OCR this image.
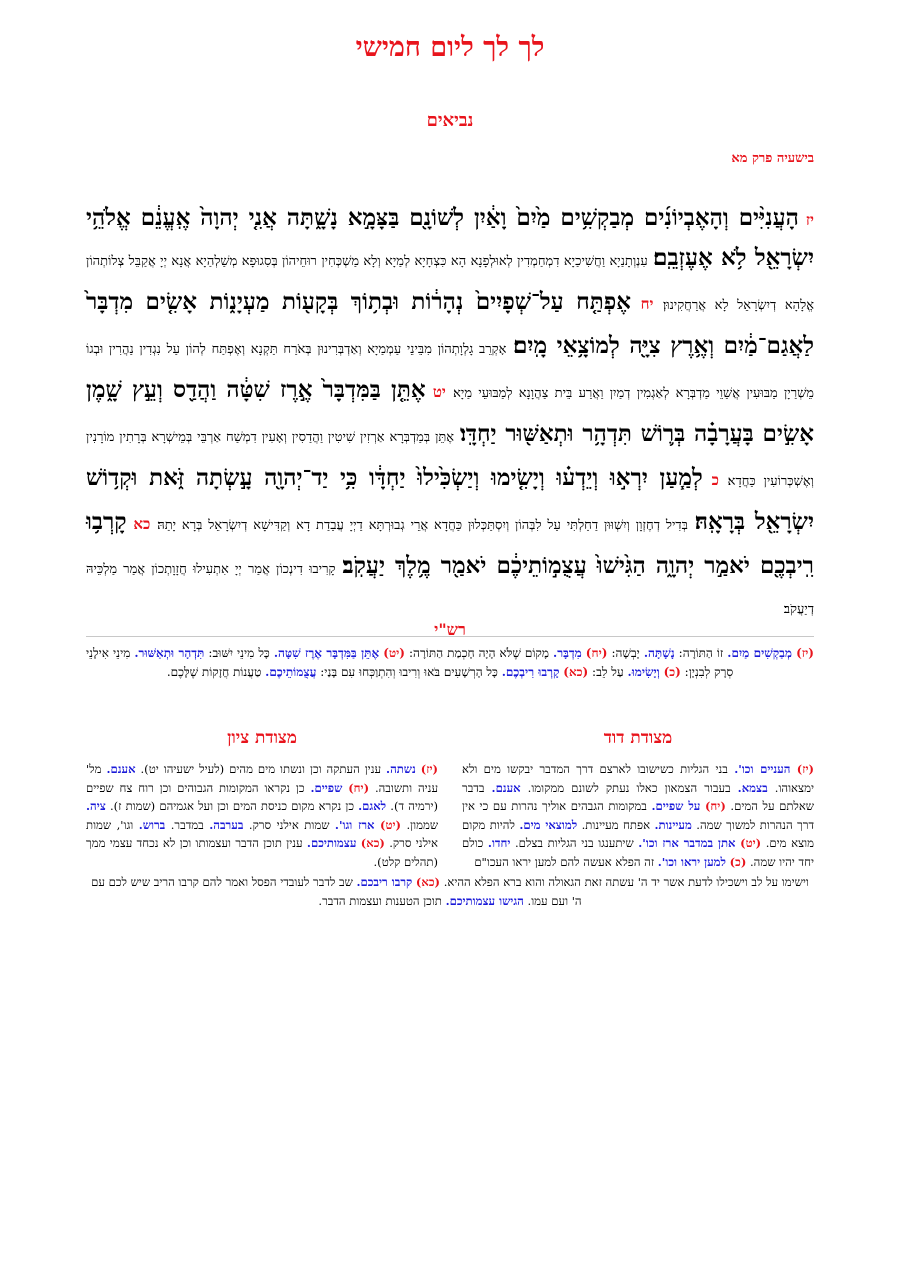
לך לך ליום חמישי
נביאים
בישעיה פרק מא
יז הָעֲנִיִּ֨ים וְהָאֶבְיוֹנִ֜ים מְבַקְשִׁ֥ים מַ֙יִם֙ וָאַ֔יִן לְשׁוֹנָ֖ם בַּצָּמָ֣א נָשָׁ֑תָּה אֲנִ֤י יְהוָה֙ אֶֽעֱנֵ֔ם אֱלֹהֵ֥י יִשְׂרָאֵ֖ל לֹ֥א אֶעֶזְבֵֽם׃ עִנְוְתָנַיָא וַחֲשִׁיכַיָא דִמְחַמְדִין לְאוּלְפָנָא הָא כִּצְחָיָא לְמַיָא וְלָא מַשְׁכְּחִין רוּחֵיהוֹן בְּסִגוּפָא מְשַׁלְהַיָא אֲנָא יְיָ אֲקַבֵּל צְלוֹתְהוֹן אֱלָהָא דְיִשְׂרָאֵל לָא אֲרַחֲקִינוּן׃ יח אֶפְתַּ֤ח עַל־שְׁפָיִים֙ נְהָר֔וֹת וּבְת֥וֹךְ בְּקָע֖וֹת מַעְיָנ֑וֹת אָשִׂ֤ים מִדְבָּר֙ לַאֲגַם־מַ֔יִם וְאֶ֥רֶץ צִיָּ֖ה לְמוֹצָ֥אֵי מָֽיִם׃ אָקְרֵב גָלְוָתְהוֹן מִבֵּינֵי עַמְמַיָא וְאַדְבְּרִינוּן בְּאֹרַח תַּקְנָא וְאֶפְתַּח לְהוֹן עַל נִגְדִין נַהֲרִין וּבְגוֹ מֵשְׁרַיָן מַבּוּעִין אֲשַׁוֵי מַדְבְּרָא לְאַגְמִין דְמַיִן וַאֲרַע בֵּית צַהֲוָנָא לְמַבּוּעֵי מַיָא׃ יט אֶתֵּ֤ן בַּמִּדְבָּר֙ אֶ֣רֶז שִׁטָּ֔ה וַהֲדַ֖ס וְעֵ֣ץ שָׁ֑מֶן אָשִׂ֣ים בָּעֲרָבָ֗ה בְּר֛וֹשׁ תִּדְהָ֥ר וּתְאַשּׁ֖וּר יַחְדָּֽו׃ אֶתֵּן בְּמַדְבְּרָא אַרְזִין שִׁיטִין וַהֲדַסִין וְאָעִין דִמְשַׁח אַרְבֵּי בְּמֵישְׁרָא בְּרָתִין מוֹרָנִין וְאֶשְׁכְּרוֹעִין כַּחֲדָא׃ כ לְמַ֧עַן יִרְא֣וּ וְיֵדְע֗וּ וְיָשִׂ֤ימוּ וְיַשְׂכִּ֙ילוּ֙ יַחְדָּ֔ו כִּ֥י יַד־יְהוָ֖ה עָ֣שְׂתָה זֹּ֑את וּקְד֥וֹשׁ יִשְׂרָאֵ֖ל בְּרָאָֽהּ׃ בְּדִיל דְחֶזְוָן וְיִשְׁוּוּן דַחַלְתִּי עַל לִבְּהוֹן וְיִסְתַּכְּלוּן כַּחֲדָא אֲרֵי גְבוּרְתָּא דַיְיָ עֲבַדַת דָא וְקַדִּישָׁא דְיִשְׂרָאֵל בְּרָא יָתַהּ׃ כא קָרְב֥וּ רִֽיבְכֶ֖ם יֹאמַ֣ר יְהוָ֑ה הַגִּ֙ישׁוּ֙ עֲצֻמ֣וֹתֵיכֶ֔ם יֹאמַ֖ר מֶ֥לֶךְ יַעֲקֹֽב׃ קָרִיבוּ דִינְכוֹן אֲמַר יְיָ אִתְעִילוּ חֲזָוָתְכוֹן אֲמַר מַלְכֵּיהּ דְיַעֲקֹב׃
רש"י
(יז) מְבַקְשִׁים מַיִם. זוֹ הַתּוֹרָה: נָשָׁתָּה. יָבְשָׁה: (יח) מִדְבָּר. מָקוֹם שֶׁלֹּא הָיָה חָכְמַת הַתּוֹרָה: (יט) אֶתֵּן בַּמִּדְבָּר אֶרֶז שִׁטָּה. כָּל מִינֵי יִשּׁוּב: תִּדְהָר וּתְאַשּׁוּר. מִינֵי אִילָנֵי סְרָק לְבִנְיָן: (כ) וְיָשִׂימוּ. עַל לֵב: (כא) קָרְבוּ רִיבְכֶם. כָּל הָרְשָׁעִים בֹּאוּ וְרִיבוּ וְהִתְוַכְּחוּ עִם בָּנַי: עֲצֻמוֹתֵיכֶם. טַעֲנוֹת חֲזָקוֹת שֶׁלָּכֶם.
מצודת דוד
מצודת ציון
(יז) העניים וכו'. בני הגליות כשישובו לארצם דרך המדבר יבקשו מים ולא ימצאוהו. בצמא. בעבור הצמאון כאלו נעתק לשונם ממקומו. אענם. בדבר שאלתם על המים. (יח) על שפיים. במקומות הגבהים אוליך נהרות עם כי אין דרך הנהרות למשוך שמה. מעיינות. אפתח מעיינות. למוצאי מים. להיות מקום מוצא מים. (יט) אתן במדבר ארז וכו'. שיתענגו בני הגליות בצלם. יחדו. כולם יחד יהיו שמה. (כ) למען יראו וכו'. זה הפלא אעשה להם למען יראו העכו"ם
(יז) נשתה. ענין העתקה וכן ונשתו מים מהים (לעיל ישעיהו יט). אענם. מל' עניה ותשובה. (יח) שפיים. כן נקראו המקומות הגבוהים וכן רוח צח שפיים (ירמיה ד). לאגם. כן נקרא מקום כניסת המים וכן ועל אגמיהם (שמות ז). ציה. שממון. (יט) ארז וגו'. שמות אילני סרק. בערבה. במדבר. ברוש. וגו', שמות אילני סרק. (כא) עצמותיכם. ענין תוכן הדבר ועצמותו וכן לא נכחד עצמי ממך (תהלים קלט).
וישימו על לב וישכילו לדעת אשר יד ה' עשתה זאת הגאולה והוא ברא הפלא ההיא. (כא) קרבו ריבכם. שב לדבר לעובדי הפסל ואמר להם קרבו הריב שיש לכם עם ה' ועם עמו. הגישו עצמותיכם. תוכן הטענות ועצמות הדבר.
